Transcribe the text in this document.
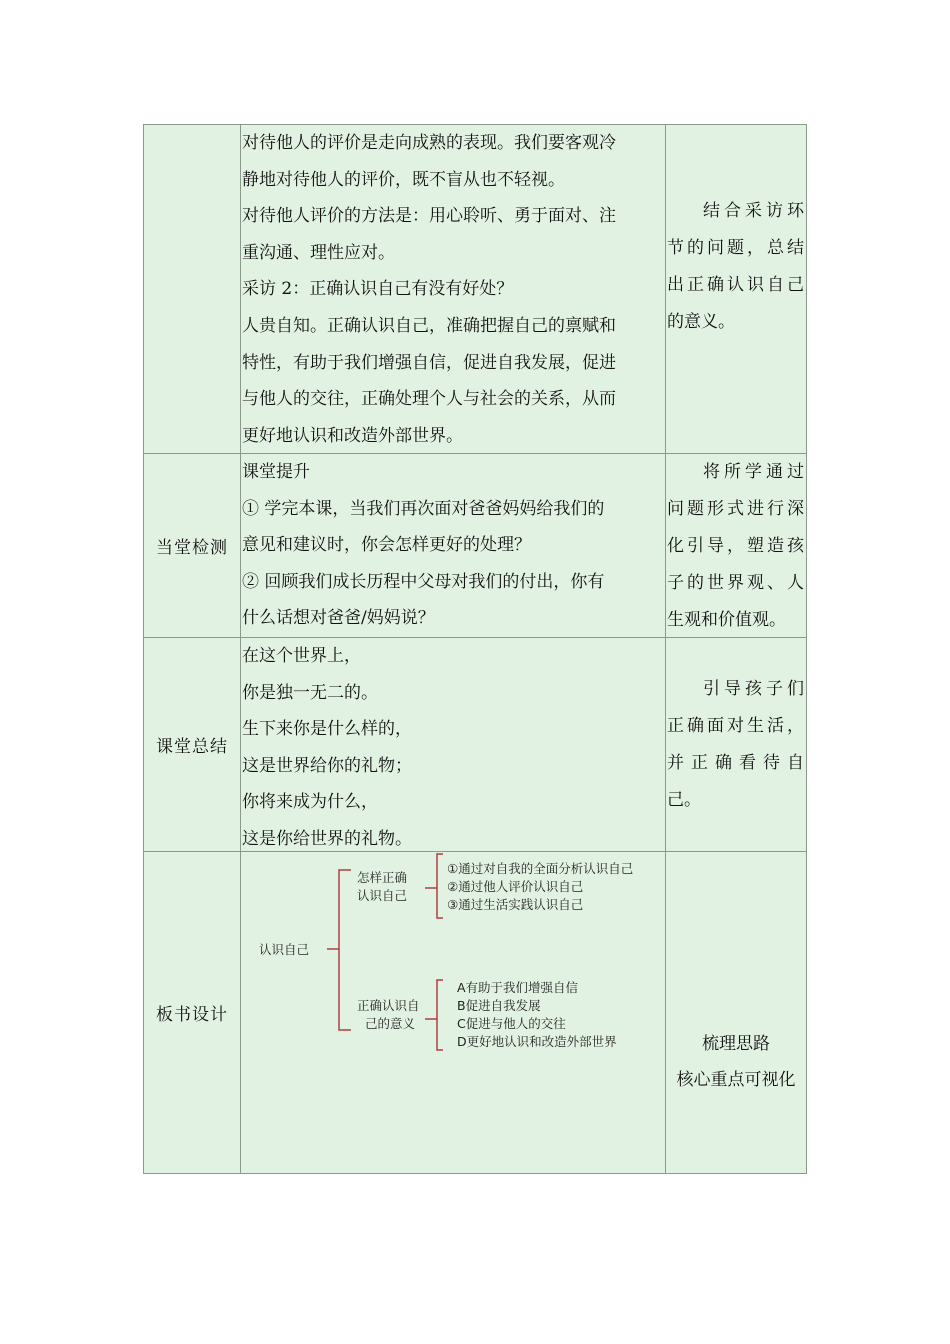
对待他人的评价是走向成熟的表现。我们要客观冷

静地对待他人的评价，既不盲从也不轻视。

对待他人评价的方法是：用心聆听、勇于面对、注

重沟通、理性应对。

采访 2：正确认识自己有没有好处？

人贵自知。正确认识自己，准确把握自己的禀赋和

特性，有助于我们增强自信，促进自我发展，促进

与他人的交往，正确处理个人与社会的关系，从而

更好地认识和改造外部世界。

结合采访环

节的问题，总结

出正确认识自己

的意义。

当堂检测

课堂提升

① 学完本课，当我们再次面对爸爸妈妈给我们的

意见和建议时，你会怎样更好的处理？

② 回顾我们成长历程中父母对我们的付出，你有

什么话想对爸爸/妈妈说？

将所学通过

问题形式进行深

化引导，塑造孩

子的世界观、人

生观和价值观。

课堂总结

在这个世界上，

你是独一无二的。

生下来你是什么样的，

这是世界给你的礼物；

你将来成为什么，

这是你给世界的礼物。

引导孩子们

正确面对生活，

并 正 确 看 待 自

己。

板书设计
认识自己
怎样正确
认识自己
①通过对自我的全面分析认识自己
②通过他人评价认识自己
③通过生活实践认识自己
正确认识自
己的意义
A有助于我们增强自信
B促进自我发展
C促进与他人的交往
D更好地认识和改造外部世界	梳理思路

核心重点可视化
